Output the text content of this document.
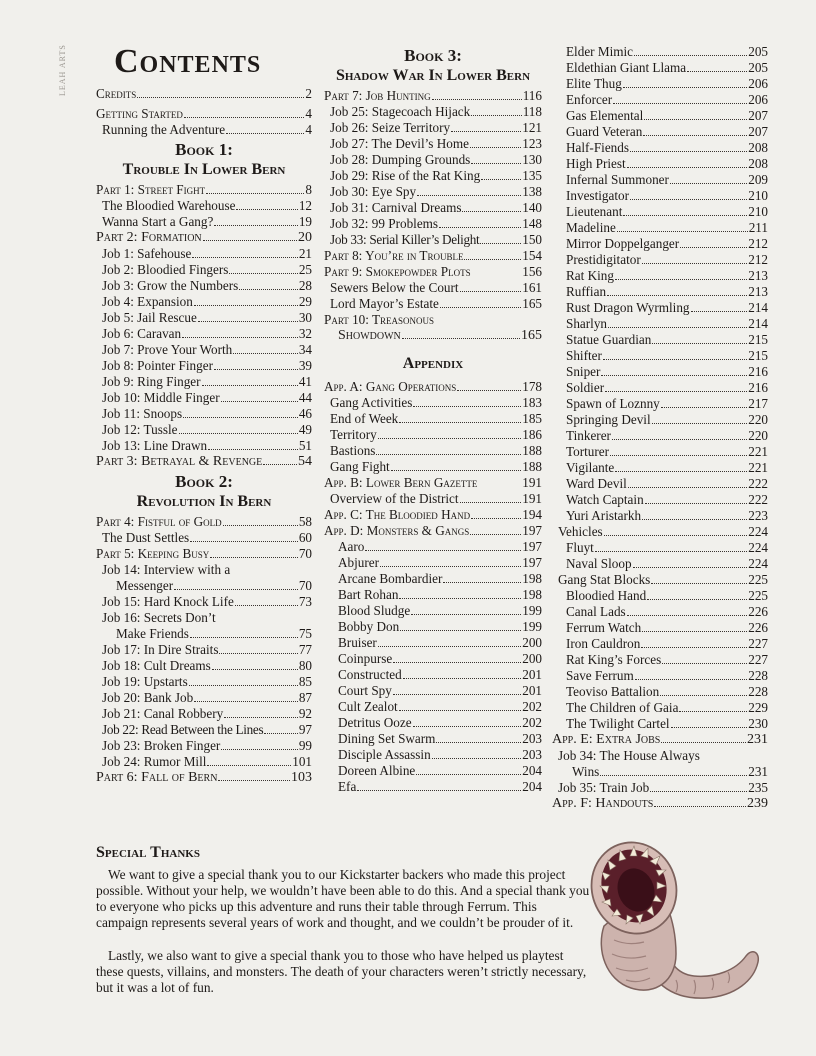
LEAH ARTS	Contents
Credits	2
Getting Started	4
Running the Adventure	4
Book 1:
Trouble In Lower Bern
Part 1: Street Fight	8
The Bloodied Warehouse	12
Wanna Start a Gang?	19
Part 2: Formation	20
Job 1: Safehouse	21
Job 2: Bloodied Fingers	25
Job 3: Grow the Numbers	28
Job 4: Expansion	29
Job 5: Jail Rescue	30
Job 6: Caravan	32
Job 7: Prove Your Worth	34
Job 8: Pointer Finger	39
Job 9: Ring Finger	41
Job 10: Middle Finger	44
Job 11: Snoops	46
Job 12: Tussle	49
Job 13: Line Drawn	51
Part 3: Betrayal & Revenge	54
Book 2:
Revolution In Bern
Part 4: Fistful of Gold	58
The Dust Settles	60
Part 5: Keeping Busy	70
Job 14: Interview with a
Messenger	70
Job 15: Hard Knock Life	73
Job 16: Secrets Don’t
Make Friends	75
Job 17: In Dire Straits	77
Job 18: Cult Dreams	80
Job 19: Upstarts	85
Job 20: Bank Job	87
Job 21: Canal Robbery	92
Job 22: Read Between the Lines	97
Job 23: Broken Finger	99
Job 24: Rumor Mill	101
Part 6: Fall of Bern	103
Book 3:
Shadow War In Lower Bern
Part 7: Job Hunting	116
Job 25: Stagecoach Hijack	118
Job 26: Seize Territory	121
Job 27: The Devil’s Home	123
Job 28: Dumping Grounds	130
Job 29: Rise of the Rat King	135
Job 30: Eye Spy	138
Job 31: Carnival Dreams	140
Job 32: 99 Problems	148
Job 33: Serial Killer’s Delight	150
Part 8: You’re in Trouble	154
Part 9: Smokepowder Plots	156
Sewers Below the Court	161
Lord Mayor’s Estate	165
Part 10: Treasonous
Showdown	165
Appendix
App. A: Gang Operations	178
Gang Activities	183
End of Week	185
Territory	186
Bastions	188
Gang Fight	188
App. B: Lower Bern Gazette	191
Overview of the District	191
App. C: The Bloodied Hand	194
App. D: Monsters & Gangs	197
Aaro	197
Abjurer	197
Arcane Bombardier	198
Bart Rohan	198
Blood Sludge	199
Bobby Don	199
Bruiser	200
Coinpurse	200
Constructed	201
Court Spy	201
Cult Zealot	202
Detritus Ooze	202
Dining Set Swarm	203
Disciple Assassin	203
Doreen Albine	204
Efa	204
Elder Mimic	205
Eldethian Giant Llama	205
Elite Thug	206
Enforcer	206
Gas Elemental	207
Guard Veteran	207
Half-Fiends	208
High Priest	208
Infernal Summoner	209
Investigator	210
Lieutenant	210
Madeline	211
Mirror Doppelganger	212
Prestidigitator	212
Rat King	213
Ruffian	213
Rust Dragon Wyrmling	214
Sharlyn	214
Statue Guardian	215
Shifter	215
Sniper	216
Soldier	216
Spawn of Loznny	217
Springing Devil	220
Tinkerer	220
Torturer	221
Vigilante	221
Ward Devil	222
Watch Captain	222
Yuri Aristarkh	223
Vehicles	224
Fluyt	224
Naval Sloop	224
Gang Stat Blocks	225
Bloodied Hand	225
Canal Lads	226
Ferrum Watch	226
Iron Cauldron	227
Rat King’s Forces	227
Save Ferrum	228
Teoviso Battalion	228
The Children of Gaia	229
The Twilight Cartel	230
App. E: Extra Jobs	231
Job 34: The House Always
Wins	231
Job 35: Train Job	235
App. F: Handouts	239
Special Thanks

We want to give a special thank you to our Kickstarter backers who made this project possible. Without your help, we wouldn’t have been able to do this. And a special thank you to everyone who picks up this adventure and runs their table through Ferrum. This campaign represents several years of work and thought, and we couldn’t be prouder of it.

Lastly, we also want to give a special thank you to those who have helped us playtest these quests, villains, and monsters. The death of your characters weren’t strictly necessary, but it was a lot of fun.
